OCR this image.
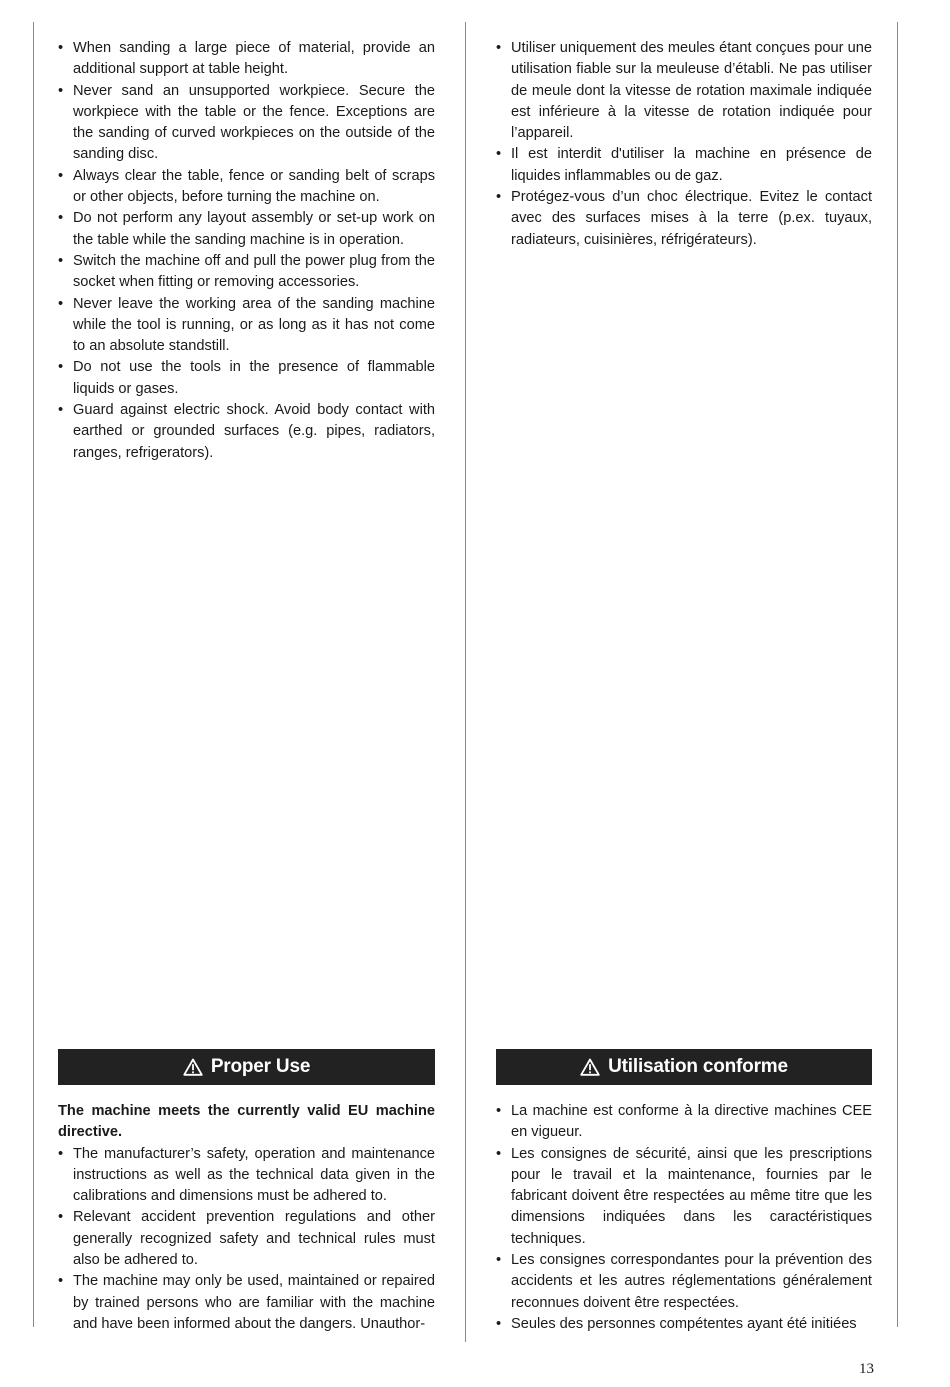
• When sanding a large piece of material, provide an additional support at table height.
• Never sand an unsupported workpiece. Secure the workpiece with the table or the fence. Exceptions are the sanding of curved workpieces on the outside of the sanding disc.
• Always clear the table, fence or sanding belt of scraps or other objects, before turning the machine on.
• Do not perform any layout assembly or set-up work on the table while the sanding machine is in operation.
• Switch the machine off and pull the power plug from the socket when fitting or removing accessories.
• Never leave the working area of the sanding machine while the tool is running, or as long as it has not come to an absolute standstill.
• Do not use the tools in the presence of flammable liquids or gases.
• Guard against electric shock. Avoid body contact with earthed or grounded surfaces (e.g. pipes, radiators, ranges, refrigerators).
• Utiliser uniquement des meules étant conçues pour une utilisation fiable sur la meuleuse d’établi. Ne pas utiliser de meule dont la vitesse de rotation maximale indiquée est inférieure à la vitesse de rotation indiquée pour l’appareil.
• Il est interdit d'utiliser la machine en présence de liquides inflammables ou de gaz.
• Protégez-vous d’un choc électrique. Evitez le contact avec des surfaces mises à la terre (p.ex. tuyaux, radiateurs, cuisinières, réfrigérateurs).
Proper Use	Utilisation conforme

The machine meets the currently valid EU machine directive.

• The manufacturer’s safety, operation and maintenance instructions as well as the technical data given in the calibrations and dimensions must be adhered to.
• Relevant accident prevention regulations and other generally recognized safety and technical rules must also be adhered to.
• The machine may only be used, maintained or repaired by trained persons who are familiar with the machine and have been informed about the dangers. Unauthor-
• La machine est conforme à la directive machines CEE en vigueur.
• Les consignes de sécurité, ainsi que les prescriptions pour le travail et la maintenance, fournies par le fabricant doivent être respectées au même titre que les dimensions indiquées dans les caractéristiques techniques.
• Les consignes correspondantes pour la prévention des accidents et les autres réglementations généralement reconnues doivent être respectées.
• Seules des personnes compétentes ayant été initiées
13
